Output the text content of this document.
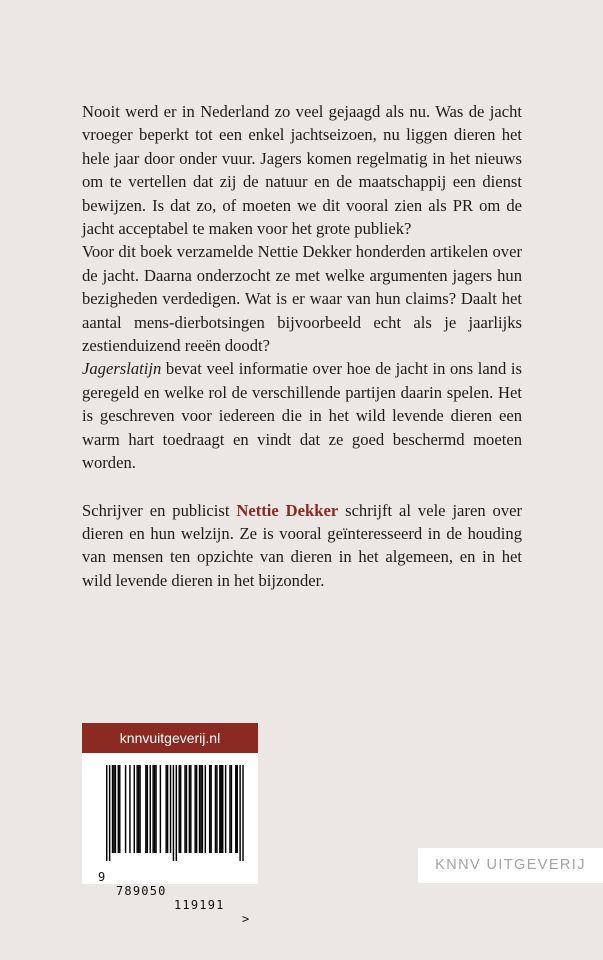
Nooit werd er in Nederland zo veel gejaagd als nu. Was de jacht vroeger beperkt tot een enkel jachtseizoen, nu liggen dieren het hele jaar door onder vuur. Jagers komen regelmatig in het nieuws om te vertellen dat zij de natuur en de maatschappij een dienst bewijzen. Is dat zo, of moeten we dit vooral zien als PR om de jacht acceptabel te maken voor het grote publiek?

Voor dit boek verzamelde Nettie Dekker honderden artikelen over de jacht. Daarna onderzocht ze met welke argumenten jagers hun bezigheden verdedigen. Wat is er waar van hun claims? Daalt het aantal mens-dierbotsingen bijvoorbeeld echt als je jaarlijks zestienduizend reeën doodt?

Jagerslatijn bevat veel informatie over hoe de jacht in ons land is geregeld en welke rol de verschillende partijen daarin spelen. Het is geschreven voor iedereen die in het wild levende dieren een warm hart toedraagt en vindt dat ze goed beschermd moeten worden.

Schrijver en publicist Nettie Dekker schrijft al vele jaren over dieren en hun welzijn. Ze is vooral geïnteresseerd in de houding van mensen ten opzichte van dieren in het algemeen, en in het wild levende dieren in het bijzonder.

knnvuitgeverij.nl

9

789050

119191

>

KNNV UITGEVERIJ
